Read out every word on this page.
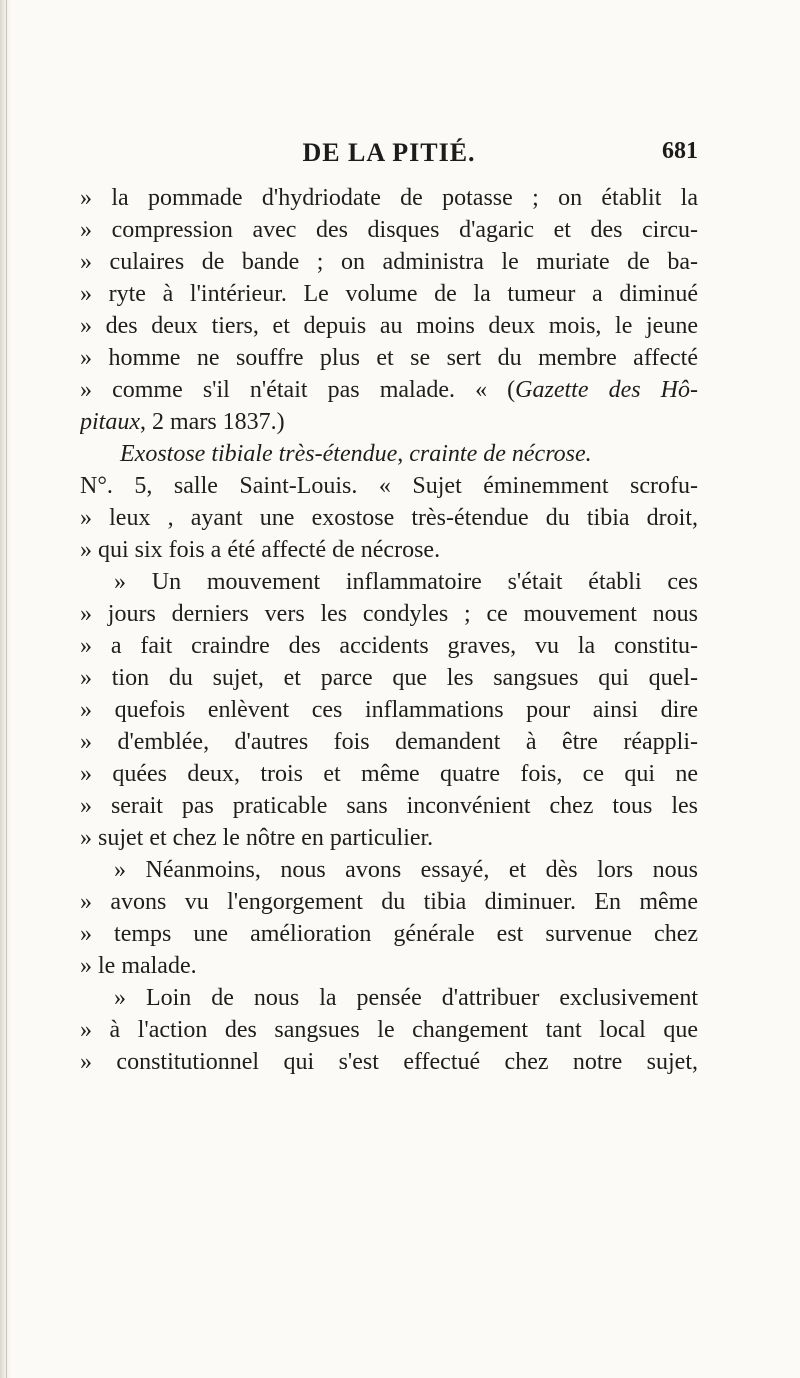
DE LA PITIÉ.	681
» la pommade d'hydriodate de potasse ; on établit la
» compression avec des disques d'agaric et des circu-
» culaires de bande ; on administra le muriate de ba-
» ryte à l'intérieur. Le volume de la tumeur a diminué
» des deux tiers, et depuis au moins deux mois, le jeune
» homme ne souffre plus et se sert du membre affecté
» comme s'il n'était pas malade. « (Gazette des Hô-
pitaux, 2 mars 1837.)
Exostose tibiale très-étendue, crainte de nécrose.
N°. 5, salle Saint-Louis. « Sujet éminemment scrofu-
» leux , ayant une exostose très-étendue du tibia droit,
» qui six fois a été affecté de nécrose.
» Un mouvement inflammatoire s'était établi ces
» jours derniers vers les condyles ; ce mouvement nous
» a fait craindre des accidents graves, vu la constitu-
» tion du sujet, et parce que les sangsues qui quel-
» quefois enlèvent ces inflammations pour ainsi dire
» d'emblée, d'autres fois demandent à être réappli-
» quées deux, trois et même quatre fois, ce qui ne
» serait pas praticable sans inconvénient chez tous les
» sujet et chez le nôtre en particulier.
» Néanmoins, nous avons essayé, et dès lors nous
» avons vu l'engorgement du tibia diminuer. En même
» temps une amélioration générale est survenue chez
» le malade.
» Loin de nous la pensée d'attribuer exclusivement
» à l'action des sangsues le changement tant local que
» constitutionnel qui s'est effectué chez notre sujet,
